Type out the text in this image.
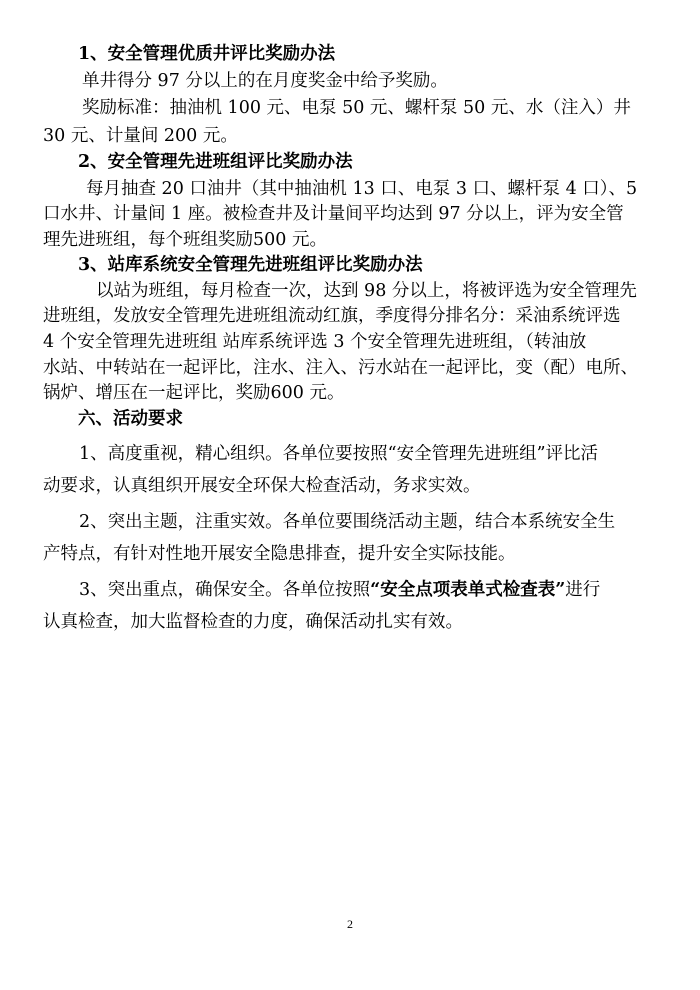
1、安全管理优质井评比奖励办法
单井得分 97 分以上的在月度奖金中给予奖励。
奖励标准：抽油机 100 元、电泵 50 元、螺杆泵 50 元、水（注入）井
30 元、计量间 200 元。
2、安全管理先进班组评比奖励办法
每月抽查 20 口油井（其中抽油机 13 口、电泵 3 口、螺杆泵 4 口）、5
口水井、计量间 1 座。被检查井及计量间平均达到 97 分以上，评为安全管
理先进班组，每个班组奖励500 元。
3、站库系统安全管理先进班组评比奖励办法
以站为班组，每月检查一次，达到 98 分以上，将被评选为安全管理先
进班组，发放安全管理先进班组流动红旗，季度得分排名分：采油系统评选
4 个安全管理先进班组 站库系统评选 3 个安全管理先进班组，（转油放
水站、中转站在一起评比，注水、注入、污水站在一起评比，变（配）电所、
锅炉、增压在一起评比，奖励600 元。
六、活动要求
1、高度重视，精心组织。各单位要按照“安全管理先进班组”评比活
动要求，认真组织开展安全环保大检查活动，务求实效。
2、突出主题，注重实效。各单位要围绕活动主题，结合本系统安全生
产特点，有针对性地开展安全隐患排查，提升安全实际技能。
3、突出重点，确保安全。各单位按照“安全点项表单式检查表”进行
认真检查，加大监督检查的力度，确保活动扎实有效。
2
